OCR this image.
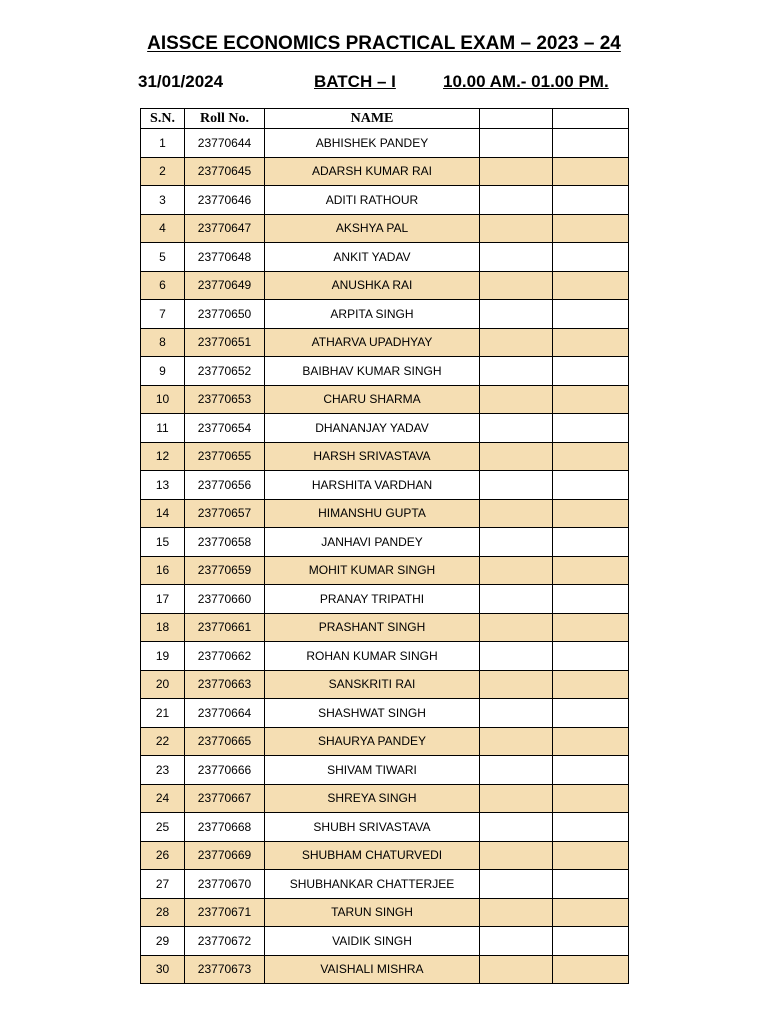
AISSCE ECONOMICS PRACTICAL EXAM – 2023 – 24
31/01/2024	BATCH – I	10.00 AM.- 01.00 PM.
S.N.	Roll No.	NAME		
1	23770644	ABHISHEK PANDEY		
2	23770645	ADARSH KUMAR RAI		
3	23770646	ADITI RATHOUR		
4	23770647	AKSHYA PAL		
5	23770648	ANKIT YADAV		
6	23770649	ANUSHKA RAI		
7	23770650	ARPITA SINGH		
8	23770651	ATHARVA UPADHYAY		
9	23770652	BAIBHAV KUMAR SINGH		
10	23770653	CHARU SHARMA		
11	23770654	DHANANJAY YADAV		
12	23770655	HARSH SRIVASTAVA		
13	23770656	HARSHITA VARDHAN		
14	23770657	HIMANSHU GUPTA		
15	23770658	JANHAVI PANDEY		
16	23770659	MOHIT KUMAR SINGH		
17	23770660	PRANAY TRIPATHI		
18	23770661	PRASHANT SINGH		
19	23770662	ROHAN KUMAR SINGH		
20	23770663	SANSKRITI RAI		
21	23770664	SHASHWAT SINGH		
22	23770665	SHAURYA PANDEY		
23	23770666	SHIVAM TIWARI		
24	23770667	SHREYA SINGH		
25	23770668	SHUBH SRIVASTAVA		
26	23770669	SHUBHAM CHATURVEDI		
27	23770670	SHUBHANKAR CHATTERJEE		
28	23770671	TARUN SINGH		
29	23770672	VAIDIK SINGH		
30	23770673	VAISHALI MISHRA		
